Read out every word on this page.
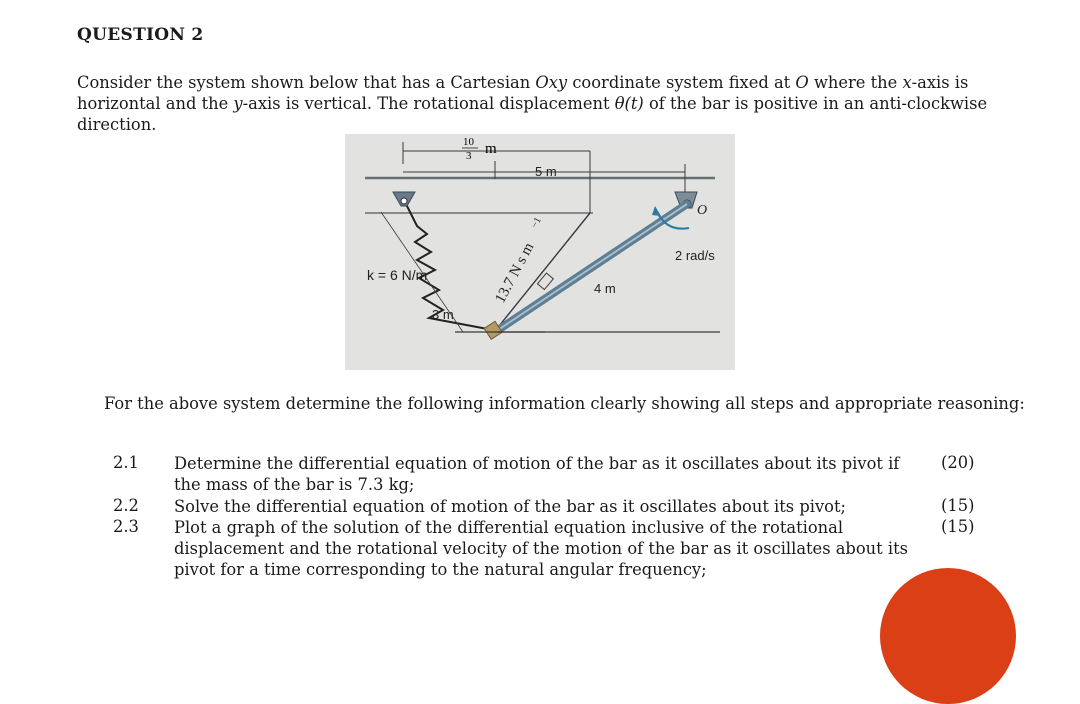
QUESTION 2
Consider the system shown below that has a Cartesian Oxy coordinate system fixed at O where the x-axis is horizontal and the y-axis is vertical. The rotational displacement θ(t) of the bar is positive in an anti-clockwise direction.
10
3 m
5 m
13.7 N s m
−1
k = 6 N/m
3 m
4 m
2 rad/s
O
For the above system determine the following information clearly showing all steps and appropriate reasoning:
2.1 Determine the differential equation of motion of the bar as it oscillates about its pivot if the mass of the bar is 7.3 kg;
(20)
2.2 Solve the differential equation of motion of the bar as it oscillates about its pivot;	(15)
2.3 Plot a graph of the solution of the differential equation inclusive of the rotational displacement and the rotational velocity of the motion of the bar as it oscillates about its pivot for a time corresponding to the natural angular frequency;
(15)
